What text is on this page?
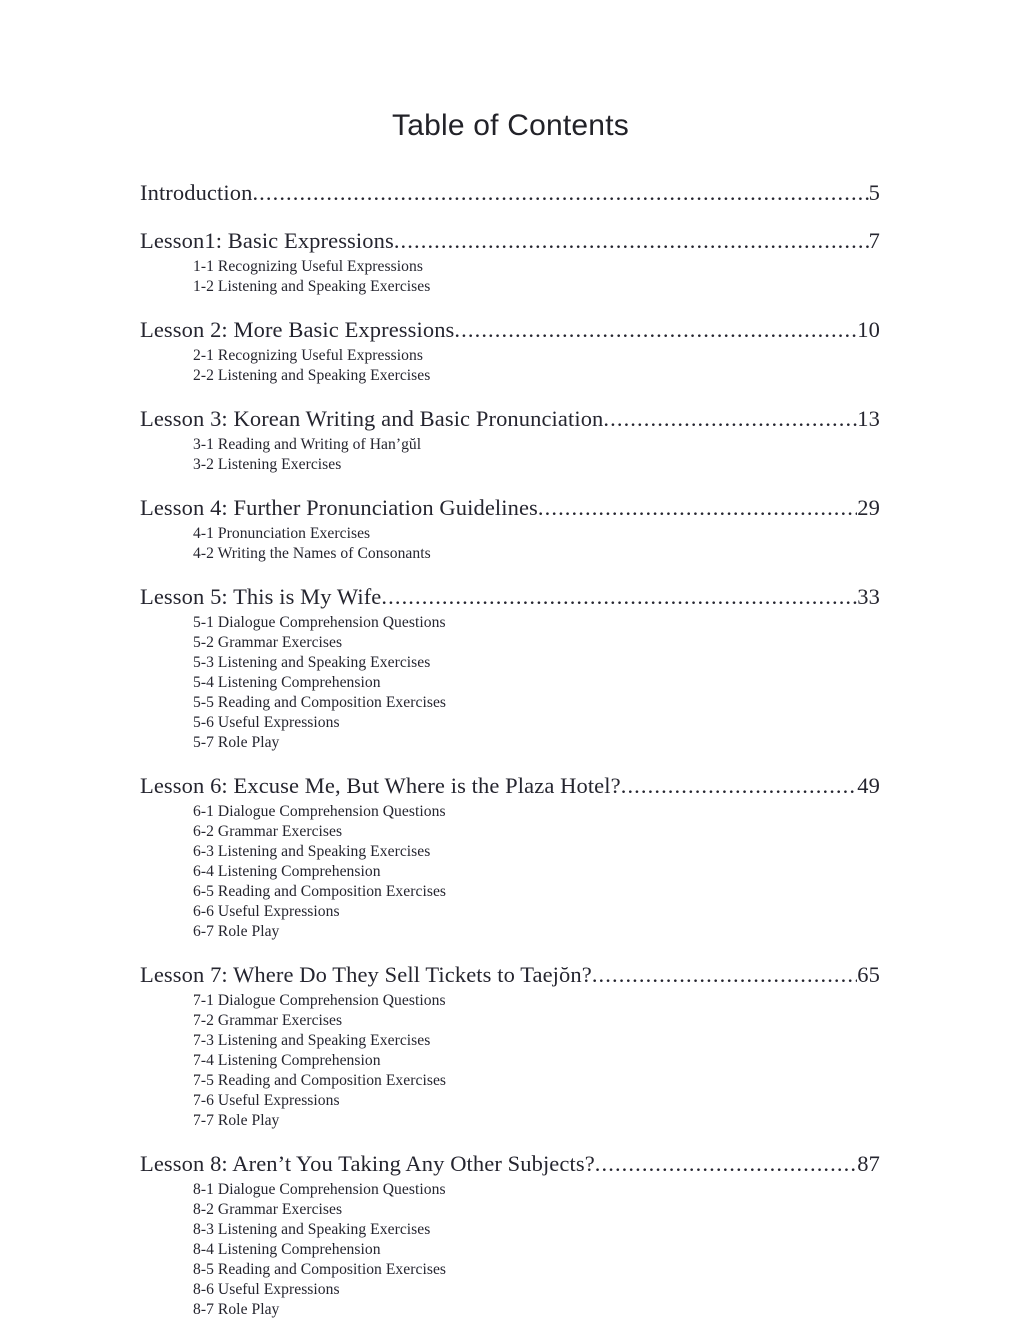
Table of Contents
Introduction .....	5
Lesson1: Basic Expressions .....	7
1-1 Recognizing Useful Expressions
1-2 Listening and Speaking Exercises
Lesson 2: More Basic Expressions .....	10
2-1 Recognizing Useful Expressions
2-2 Listening and Speaking Exercises
Lesson 3: Korean Writing and Basic Pronunciation .....	13
3-1 Reading and Writing of Han’gŭl
3-2 Listening Exercises
Lesson 4: Further Pronunciation Guidelines .....	29
4-1 Pronunciation Exercises
4-2 Writing the Names of Consonants
Lesson 5: This is My Wife .....	33
5-1 Dialogue Comprehension Questions
5-2 Grammar Exercises
5-3 Listening and Speaking Exercises
5-4 Listening Comprehension
5-5 Reading and Composition Exercises
5-6 Useful Expressions
5-7 Role Play
Lesson 6: Excuse Me, But Where is the Plaza Hotel? .....	49
6-1 Dialogue Comprehension Questions
6-2 Grammar Exercises
6-3 Listening and Speaking Exercises
6-4 Listening Comprehension
6-5 Reading and Composition Exercises
6-6 Useful Expressions
6-7 Role Play
Lesson 7: Where Do They Sell Tickets to Taejŏn? .....	65
7-1 Dialogue Comprehension Questions
7-2 Grammar Exercises
7-3 Listening and Speaking Exercises
7-4 Listening Comprehension
7-5 Reading and Composition Exercises
7-6 Useful Expressions
7-7 Role Play
Lesson 8: Aren’t You Taking Any Other Subjects? .....	87
8-1 Dialogue Comprehension Questions
8-2 Grammar Exercises
8-3 Listening and Speaking Exercises
8-4 Listening Comprehension
8-5 Reading and Composition Exercises
8-6 Useful Expressions
8-7 Role Play
